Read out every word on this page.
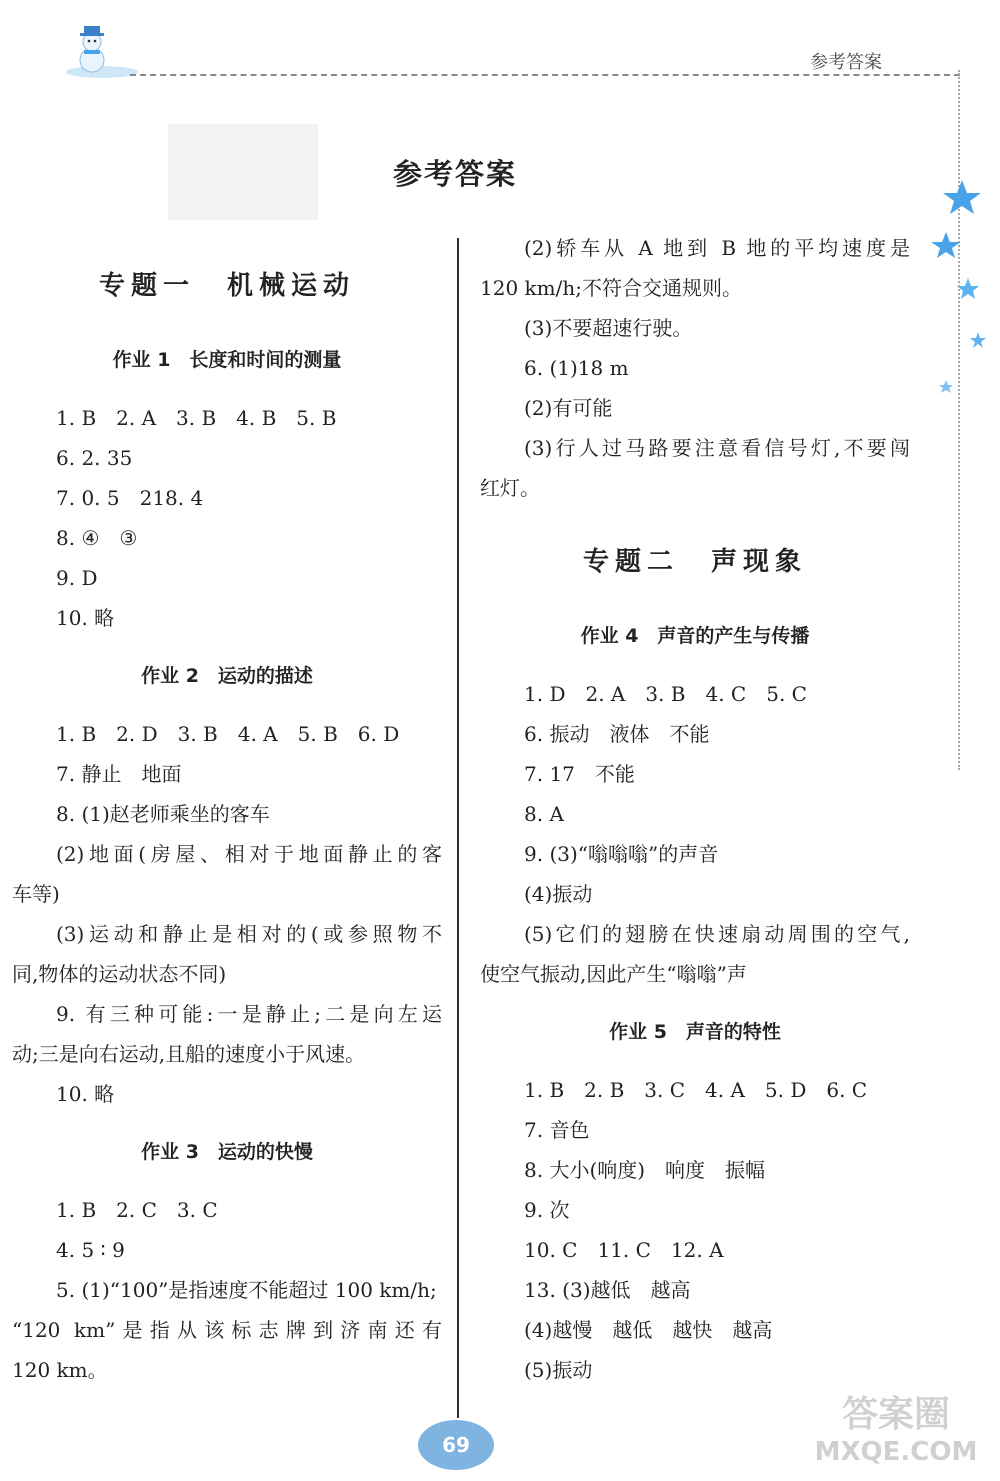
参考答案
参考答案
专题一　机械运动
作业 1　长度和时间的测量
1. B　2. A　3. B　4. B　5. B
6. 2. 35
7. 0. 5　218. 4
8. ④　③
9. D
10. 略
作业 2　运动的描述
1. B　2. D　3. B　4. A　5. B　6. D
7. 静止　地面
8. (1)赵老师乘坐的客车
(2)地面(房屋、相对于地面静止的客
车等)
(3)运动和静止是相对的(或参照物不
同,物体的运动状态不同)
9. 有三种可能:一是静止;二是向左运
动;三是向右运动,且船的速度小于风速。
10. 略
作业 3　运动的快慢
1. B　2. C　3. C
4. 5 ∶ 9
5. (1)“100”是指速度不能超过 100 km/h;
“120 km”是指从该标志牌到济南还有
120 km。
(2)轿车从 A 地到 B 地的平均速度是
120 km/h;不符合交通规则。
(3)不要超速行驶。
6. (1)18 m
(2)有可能
(3)行人过马路要注意看信号灯,不要闯
红灯。
专题二　声现象
作业 4　声音的产生与传播
1. D　2. A　3. B　4. C　5. C
6. 振动　液体　不能
7. 17　不能
8. A
9. (3)“嗡嗡嗡”的声音
(4)振动
(5)它们的翅膀在快速扇动周围的空气,
使空气振动,因此产生“嗡嗡”声
作业 5　声音的特性
1. B　2. B　3. C　4. A　5. D　6. C
7. 音色
8. 大小(响度)　响度　振幅
9. 次
10. C　11. C　12. A
13. (3)越低　越高
(4)越慢　越低　越快　越高
(5)振动
69
答案圈
MXQE.COM
